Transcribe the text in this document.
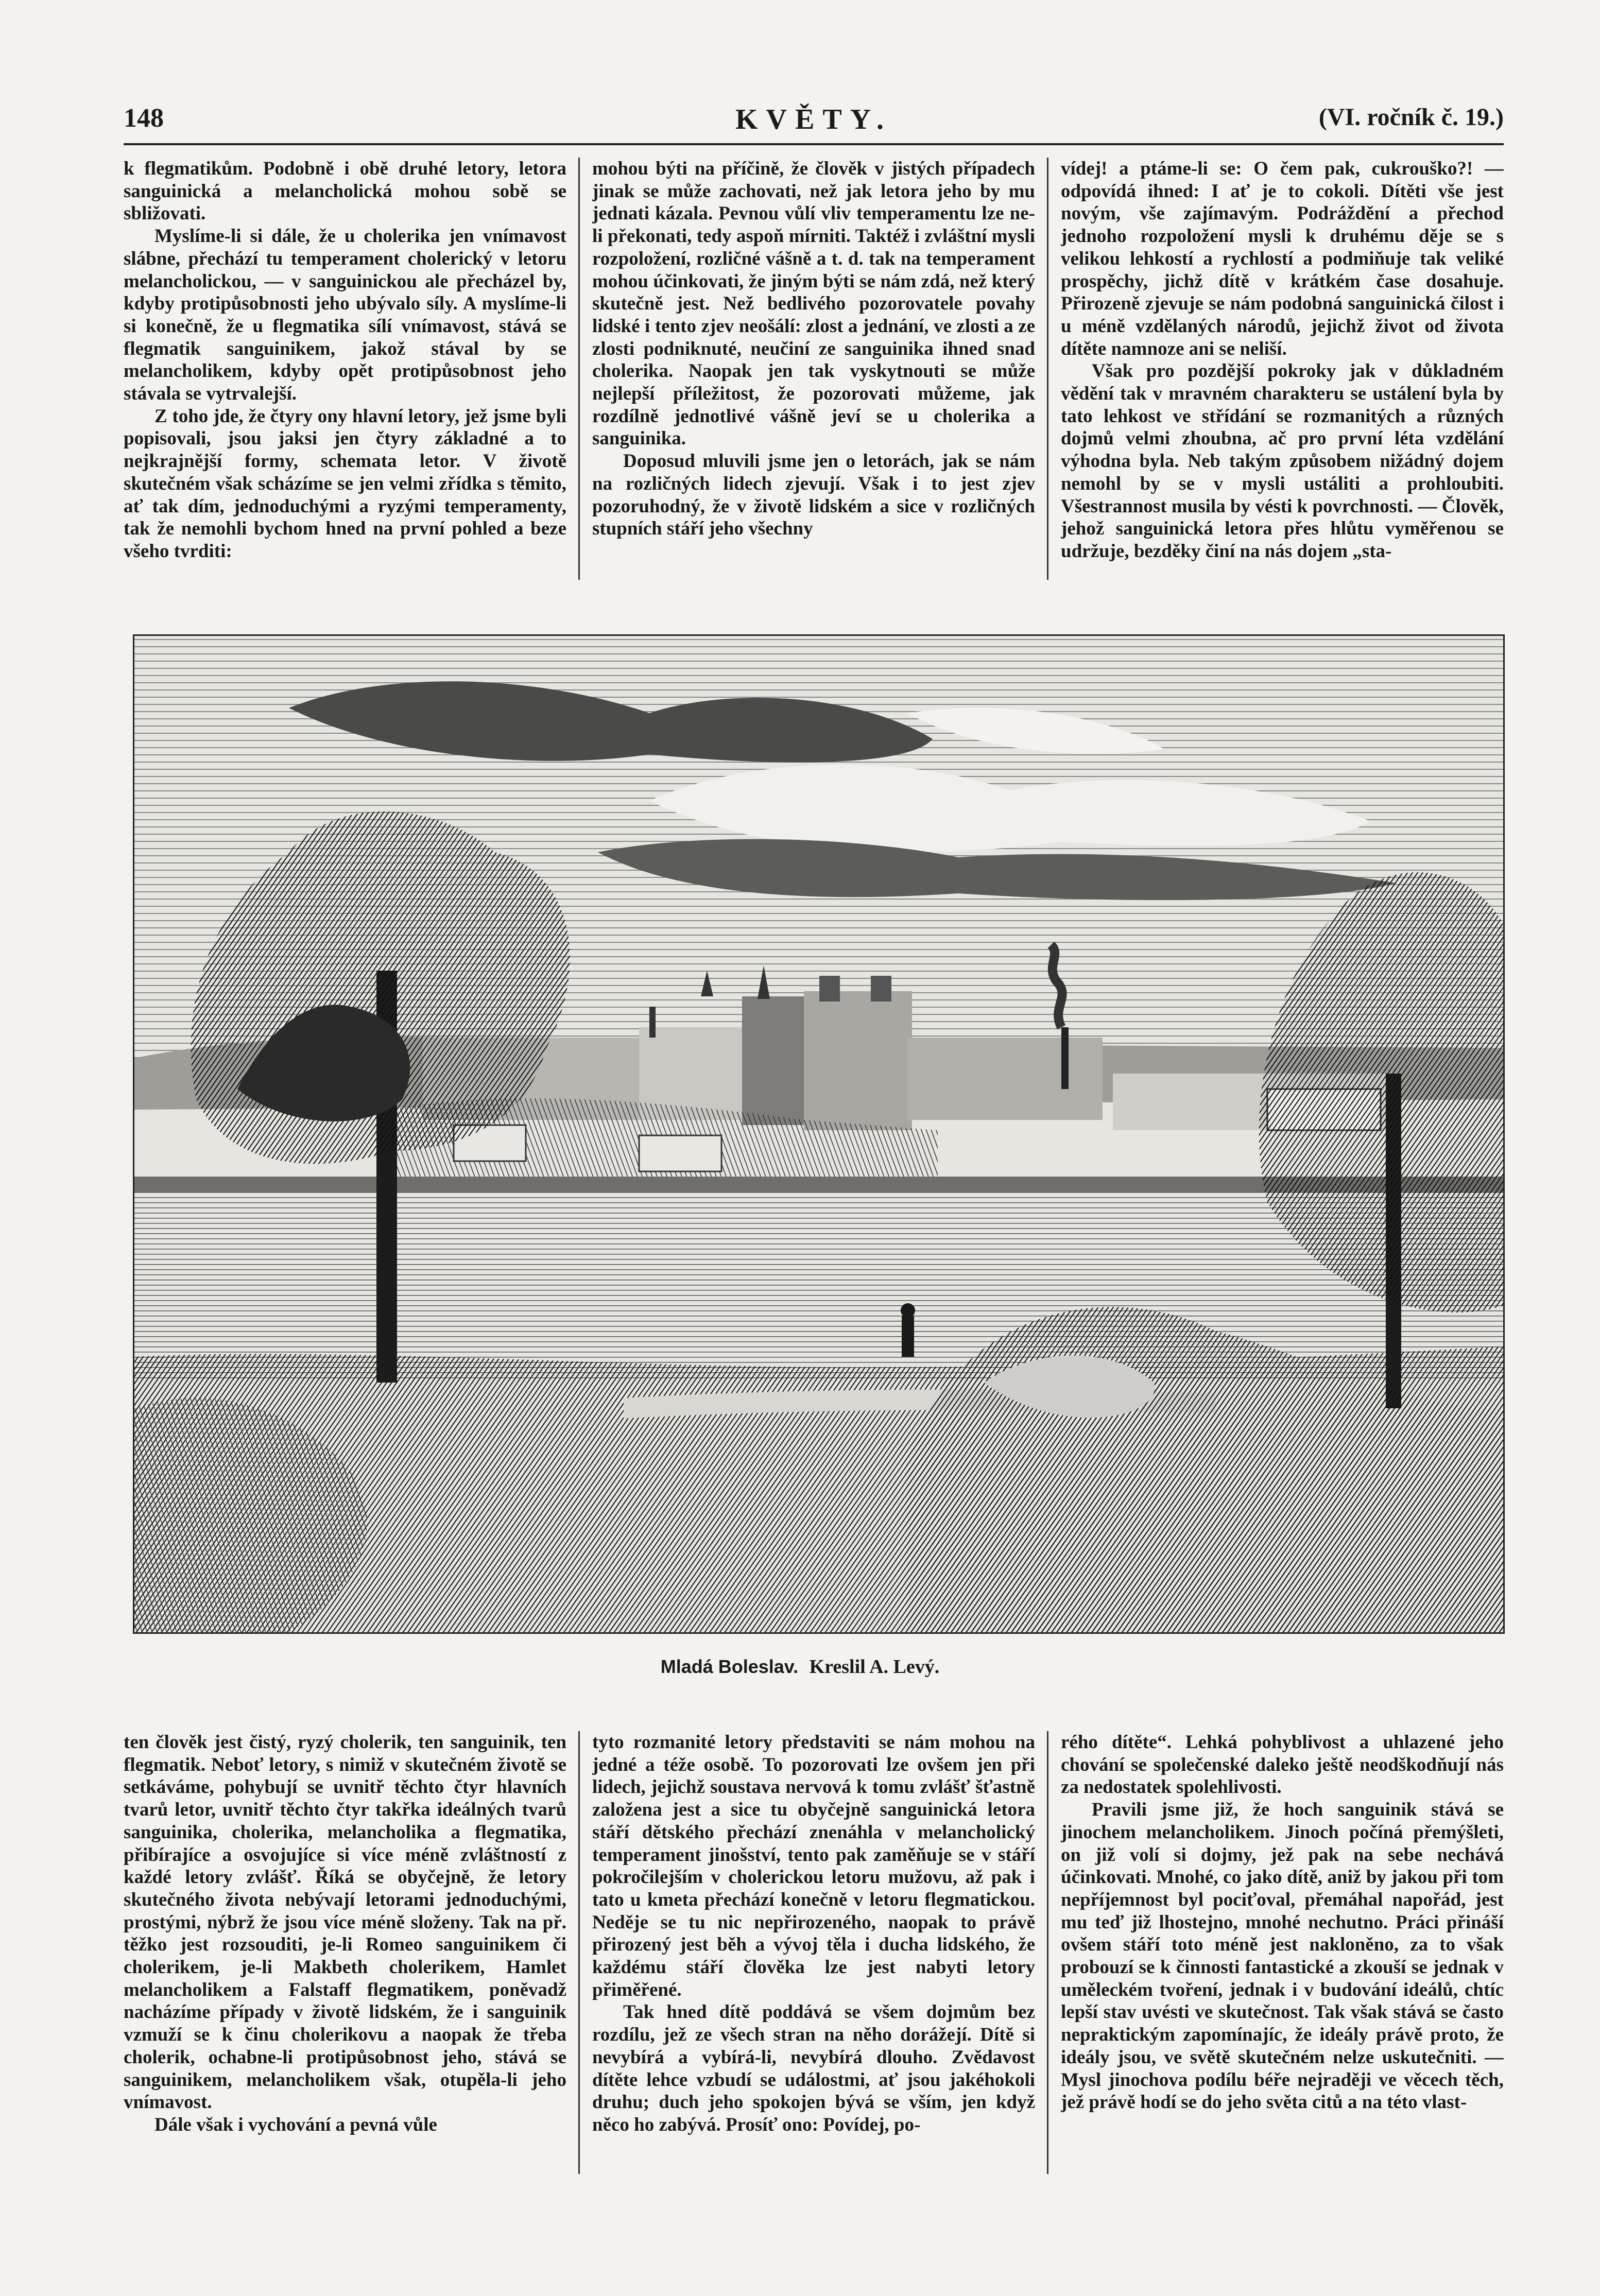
148	KVĚTY.	(VI. ročník č. 19.)

k flegmatikům. Podobně i obě druhé letory, letora sanguinická a melancholická mohou sobě se sbližovati.

Myslíme-li si dále, že u cholerika jen vnímavost slábne, přechází tu temperament cholerický v letoru melancholickou, — v sanguinickou ale přecházel by, kdyby protipůsobnosti jeho ubývalo síly. A myslíme-li si konečně, že u flegmatika sílí vnímavost, stává se flegmatik sanguinikem, jakož stával by se melancholikem, kdyby opět protipůsobnost jeho stávala se vytrvalejší.

Z toho jde, že čtyry ony hlavní letory, jež jsme byli popisovali, jsou jaksi jen čtyry základné a to nejkrajnější formy, schemata letor. V životě skutečném však scházíme se jen velmi zřídka s těmito, ať tak dím, jednoduchými a ryzými temperamenty, tak že nemohli bychom hned na první pohled a beze všeho tvrditi:

mohou býti na příčině, že člověk v jistých případech jinak se může zachovati, než jak letora jeho by mu jednati kázala. Pevnou vůlí vliv temperamentu lze ne-li překonati, tedy aspoň mírniti. Taktéž i zvláštní mysli rozpoložení, rozličné vášně a t. d. tak na temperament mohou účinkovati, že jiným býti se nám zdá, než který skutečně jest. Než bedlivého pozorovatele povahy lidské i tento zjev neošálí: zlost a jednání, ve zlosti a ze zlosti podniknuté, neučiní ze sanguinika ihned snad cholerika. Naopak jen tak vyskytnouti se může nejlepší příležitost, že pozorovati můžeme, jak rozdílně jednotlivé vášně jeví se u cholerika a sanguinika.

Doposud mluvili jsme jen o letorách, jak se nám na rozličných lidech zjevují. Však i to jest zjev pozoruhodný, že v životě lidském a sice v rozličných stupních stáří jeho všechny

vídej! a ptáme-li se: O čem pak, cukrouško?! — odpovídá ihned: I ať je to cokoli. Dítěti vše jest novým, vše zajímavým. Podráždění a přechod jednoho rozpoložení mysli k druhému děje se s velikou lehkostí a rychlostí a podmiňuje tak veliké prospěchy, jichž dítě v krátkém čase dosahuje. Přirozeně zjevuje se nám podobná sanguinická čilost i u méně vzdělaných národů, jejichž život od života dítěte namnoze ani se neliší.

Však pro pozdější pokroky jak v důkladném vědění tak v mravném charakteru se ustálení byla by tato lehkost ve střídání se rozmanitých a různých dojmů velmi zhoubna, ač pro první léta vzdělání výhodna byla. Neb takým způsobem nižádný dojem nemohl by se v mysli ustáliti a prohloubiti. Všestrannost musila by vésti k povrchnosti. — Člověk, jehož sanguinická letora přes hlůtu vyměřenou se udržuje, bezděky činí na nás dojem „sta-

Mladá Boleslav. Kreslil A. Levý.

ten člověk jest čistý, ryzý cholerik, ten sanguinik, ten flegmatik. Neboť letory, s nimiž v skutečném životě se setkáváme, pohybují se uvnitř těchto čtyr hlavních tvarů letor, uvnitř těchto čtyr takřka ideálných tvarů sanguinika, cholerika, melancholika a flegmatika, přibírajíce a osvojujíce si více méně zvláštností z každé letory zvlášť. Říká se obyčejně, že letory skutečného života nebývají letorami jednoduchými, prostými, nýbrž že jsou více méně složeny. Tak na př. těžko jest rozsouditi, je-li Romeo sanguinikem či cholerikem, je-li Makbeth cholerikem, Hamlet melancholikem a Falstaff flegmatikem, poněvadž nacházíme případy v životě lidském, že i sanguinik vzmuží se k činu cholerikovu a naopak že třeba cholerik, ochabne-li protipůsobnost jeho, stává se sanguinikem, melancholikem však, otupěla-li jeho vnímavost.

Dále však i vychování a pevná vůle

tyto rozmanité letory představiti se nám mohou na jedné a téže osobě. To pozorovati lze ovšem jen při lidech, jejichž soustava nervová k tomu zvlášť šťastně založena jest a sice tu obyčejně sanguinická letora stáří dětského přechází znenáhla v melancholický temperament jinošství, tento pak zaměňuje se v stáří pokročilejším v cholerickou letoru mužovu, až pak i tato u kmeta přechází konečně v letoru flegmatickou. Neděje se tu nic nepřirozeného, naopak to právě přirozený jest běh a vývoj těla i ducha lidského, že každému stáří člověka lze jest nabyti letory přiměřené.

Tak hned dítě poddává se všem dojmům bez rozdílu, jež ze všech stran na něho dorážejí. Dítě si nevybírá a vybírá-li, nevybírá dlouho. Zvědavost dítěte lehce vzbudí se událostmi, ať jsou jakéhokoli druhu; duch jeho spokojen bývá se vším, jen když něco ho zabývá. Prosíť ono: Povídej, po-

rého dítěte“. Lehká pohyblivost a uhlazené jeho chování se společenské daleko ještě neodškodňují nás za nedostatek spolehlivosti.

Pravili jsme již, že hoch sanguinik stává se jinochem melancholikem. Jinoch počíná přemýšleti, on již volí si dojmy, jež pak na sebe nechává účinkovati. Mnohé, co jako dítě, aniž by jakou při tom nepříjemnost byl pociťoval, přemáhal napořád, jest mu teď již lhostejno, mnohé nechutno. Práci přináší ovšem stáří toto méně jest nakloněno, za to však probouzí se k činnosti fantastické a zkouší se jednak v uměleckém tvoření, jednak i v budování ideálů, chtíc lepší stav uvésti ve skutečnost. Tak však stává se často nepraktickým zapomínajíc, že ideály právě proto, že ideály jsou, ve světě skutečném nelze uskutečniti. — Mysl jinochova podílu béře nejraději ve věcech těch, jež právě hodí se do jeho světa citů a na této vlast-
